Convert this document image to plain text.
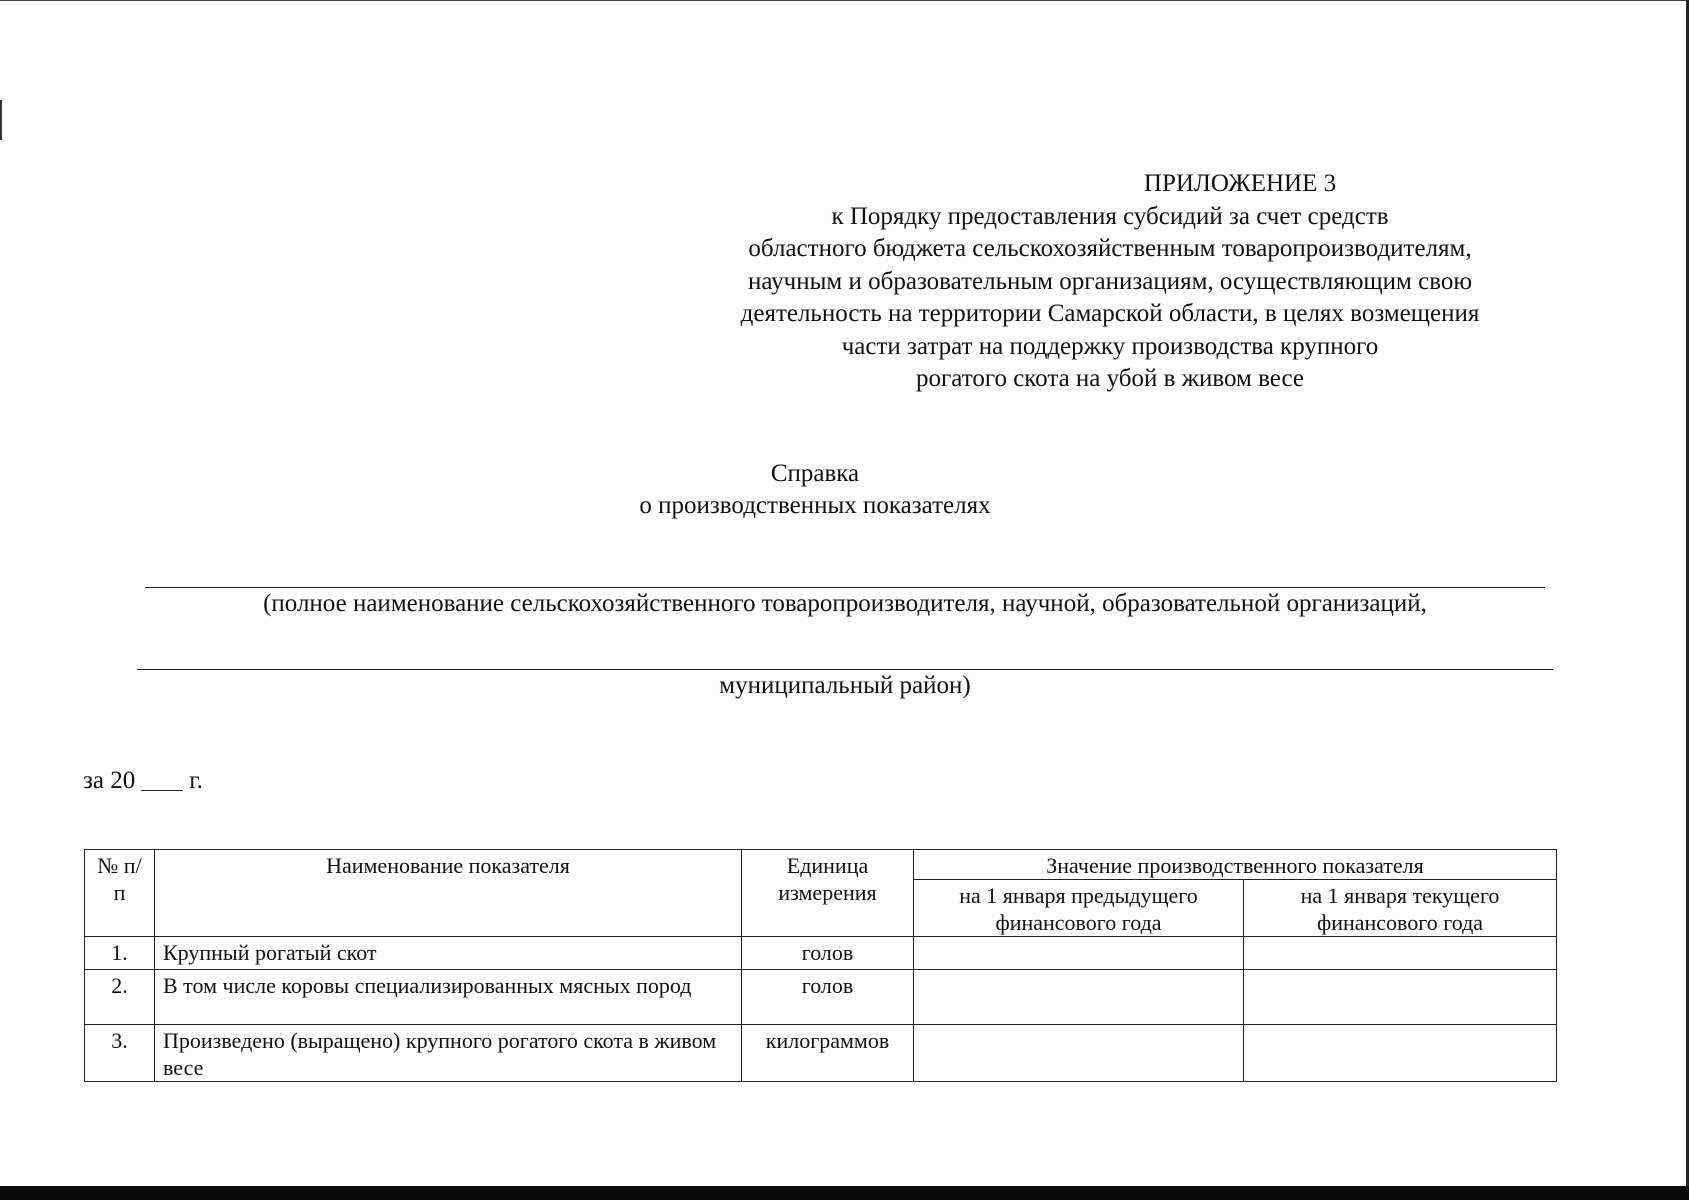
ПРИЛОЖЕНИЕ 3
к Порядку предоставления субсидий за счет средств
областного бюджета сельскохозяйственным товаропроизводителям,
научным и образовательным организациям, осуществляющим свою
деятельность на территории Самарской области, в целях возмещения
части затрат на поддержку производства крупного
рогатого скота на убой в живом весе
Справка
о производственных показателях
(полное наименование сельскохозяйственного товаропроизводителя, научной, образовательной организаций,
муниципальный район)
за 20 г.
№ п/п	Наименование показателя	Единица измерения	Значение производственного показателя	
			на 1 января предыдущего финансового года	на 1 января текущего финансового года
1.	Крупный рогатый скот	голов		
2.	В том числе коровы специализированных мясных пород	голов		
3.	Произведено (выращено) крупного рогатого скота в живом весе	килограммов		
